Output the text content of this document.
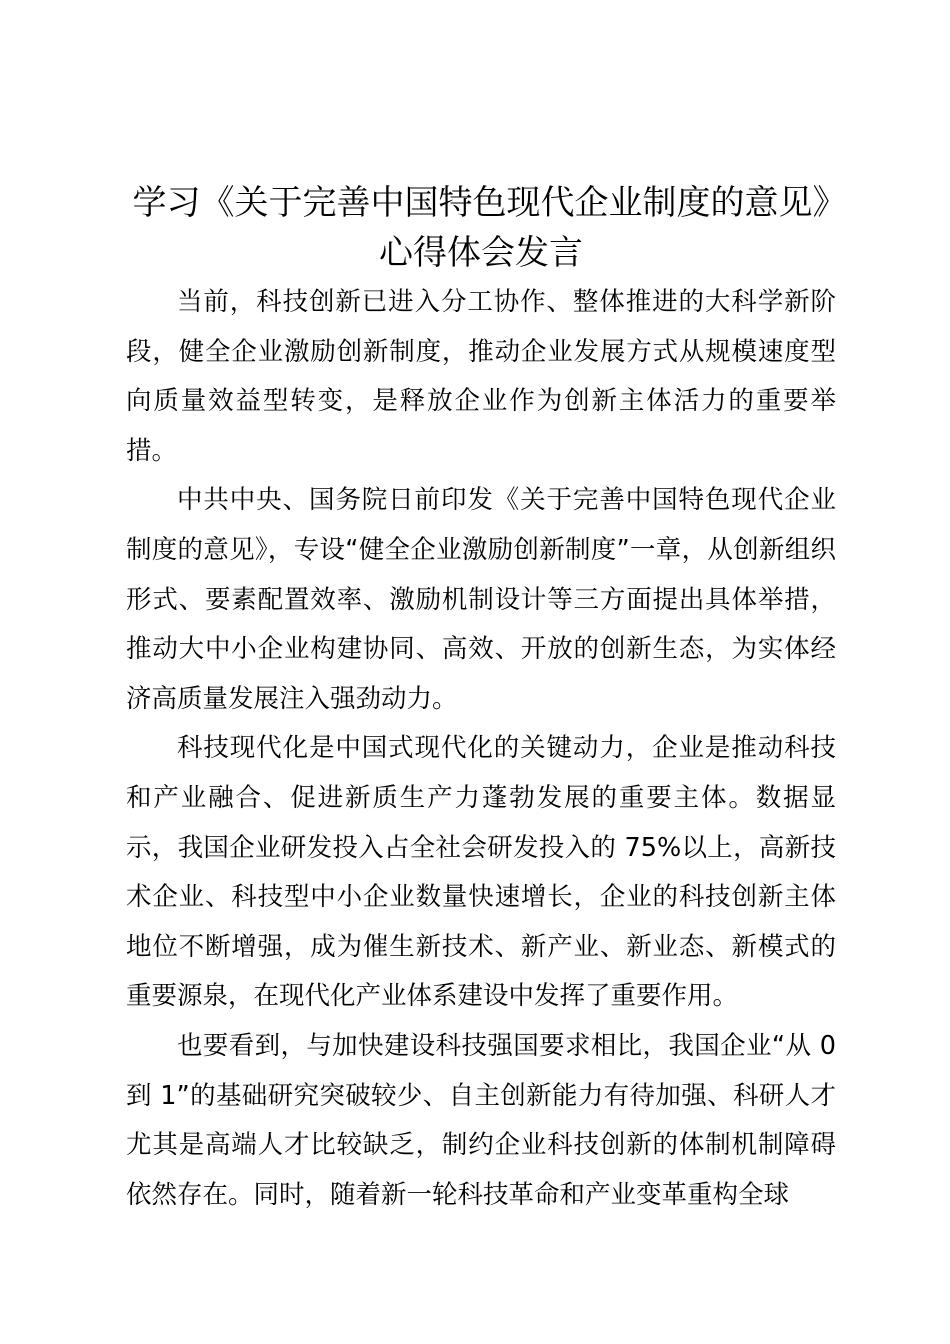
学习《关于完善中国特色现代企业制度的意见》心得体会发言

当前，科技创新已进入分工协作、整体推进的大科学新阶段，健全企业激励创新制度，推动企业发展方式从规模速度型向质量效益型转变，是释放企业作为创新主体活力的重要举措。

中共中央、国务院日前印发《关于完善中国特色现代企业制度的意见》，专设“健全企业激励创新制度”一章，从创新组织形式、要素配置效率、激励机制设计等三方面提出具体举措，推动大中小企业构建协同、高效、开放的创新生态，为实体经济高质量发展注入强劲动力。

科技现代化是中国式现代化的关键动力，企业是推动科技和产业融合、促进新质生产力蓬勃发展的重要主体。数据显示，我国企业研发投入占全社会研发投入的 75%以上，高新技术企业、科技型中小企业数量快速增长，企业的科技创新主体地位不断增强，成为催生新技术、新产业、新业态、新模式的重要源泉，在现代化产业体系建设中发挥了重要作用。

也要看到，与加快建设科技强国要求相比，我国企业“从 0 到 1”的基础研究突破较少、自主创新能力有待加强、科研人才尤其是高端人才比较缺乏，制约企业科技创新的体制机制障碍依然存在。同时，随着新一轮科技革命和产业变革重构全球
